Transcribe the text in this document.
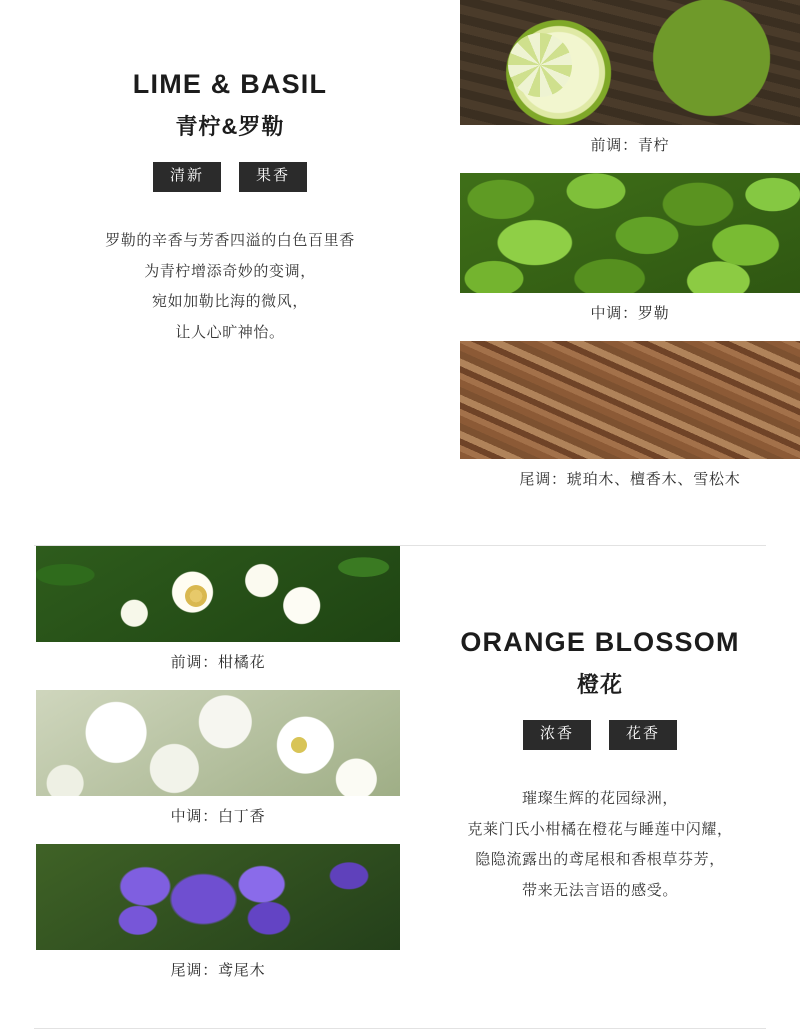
LIME & BASIL
青柠&罗勒
清新	果香
罗勒的辛香与芳香四溢的白色百里香
为青柠增添奇妙的变调，
宛如加勒比海的微风，
让人心旷神怡。
前调：青柠
中调：罗勒
尾调：琥珀木、檀香木、雪松木
前调：柑橘花
中调：白丁香
尾调：鸢尾木
ORANGE BLOSSOM
橙花
浓香	花香
璀璨生辉的花园绿洲，
克莱门氏小柑橘在橙花与睡莲中闪耀，
隐隐流露出的鸢尾根和香根草芬芳，
带来无法言语的感受。
